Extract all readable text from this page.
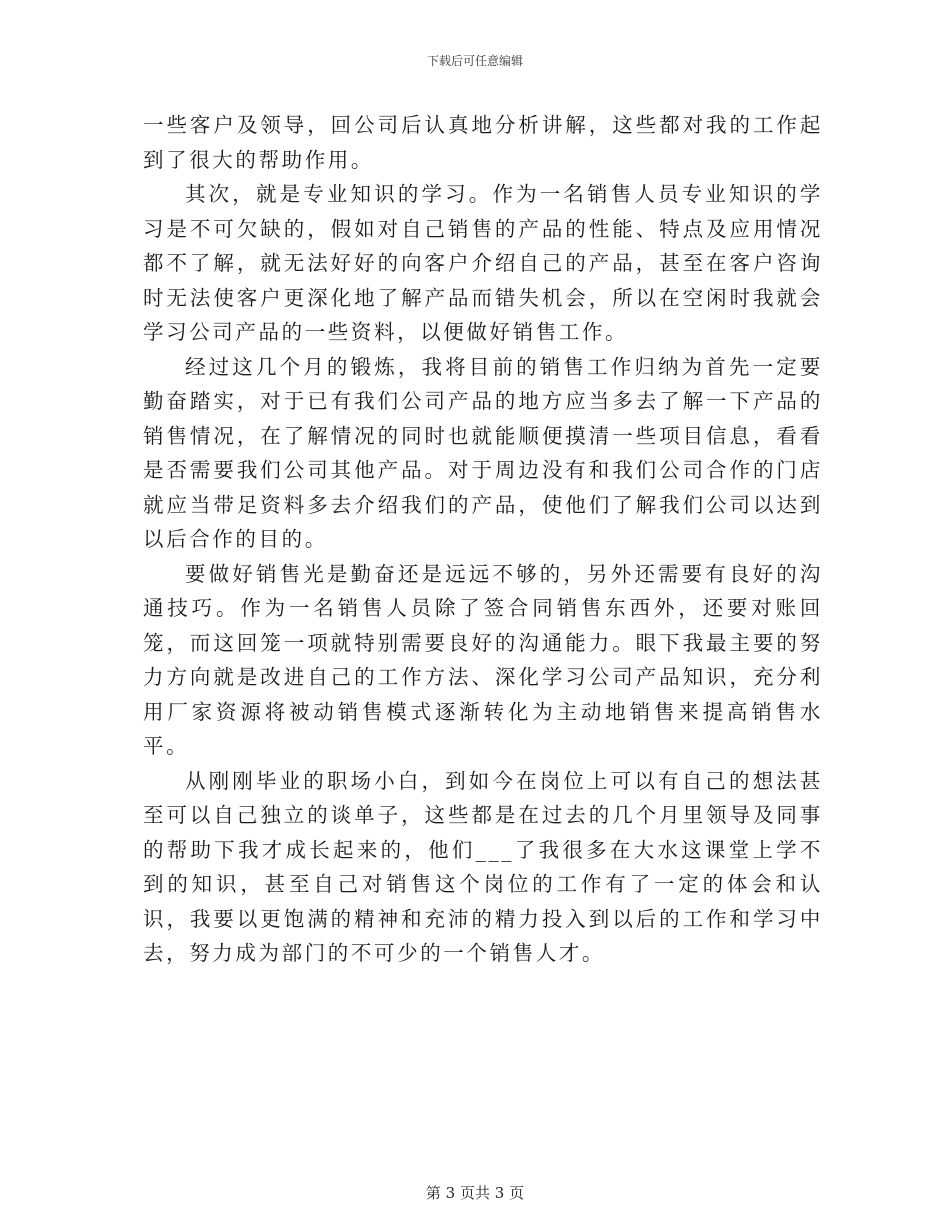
下载后可任意编辑

一些客户及领导，回公司后认真地分析讲解，这些都对我的工作起到了很大的帮助作用。

其次，就是专业知识的学习。作为一名销售人员专业知识的学习是不可欠缺的，假如对自己销售的产品的性能、特点及应用情况都不了解，就无法好好的向客户介绍自己的产品，甚至在客户咨询时无法使客户更深化地了解产品而错失机会，所以在空闲时我就会学习公司产品的一些资料，以便做好销售工作。

经过这几个月的锻炼，我将目前的销售工作归纳为首先一定要勤奋踏实，对于已有我们公司产品的地方应当多去了解一下产品的销售情况，在了解情况的同时也就能顺便摸清一些项目信息，看看是否需要我们公司其他产品。对于周边没有和我们公司合作的门店就应当带足资料多去介绍我们的产品，使他们了解我们公司以达到以后合作的目的。

要做好销售光是勤奋还是远远不够的，另外还需要有良好的沟通技巧。作为一名销售人员除了签合同销售东西外，还要对账回笼，而这回笼一项就特别需要良好的沟通能力。眼下我最主要的努力方向就是改进自己的工作方法、深化学习公司产品知识，充分利用厂家资源将被动销售模式逐渐转化为主动地销售来提高销售水平。

从刚刚毕业的职场小白，到如今在岗位上可以有自己的想法甚至可以自己独立的谈单子，这些都是在过去的几个月里领导及同事的帮助下我才成长起来的，他们___了我很多在大水这课堂上学不到的知识，甚至自己对销售这个岗位的工作有了一定的体会和认识，我要以更饱满的精神和充沛的精力投入到以后的工作和学习中去，努力成为部门的不可少的一个销售人才。

第 3 页共 3 页
